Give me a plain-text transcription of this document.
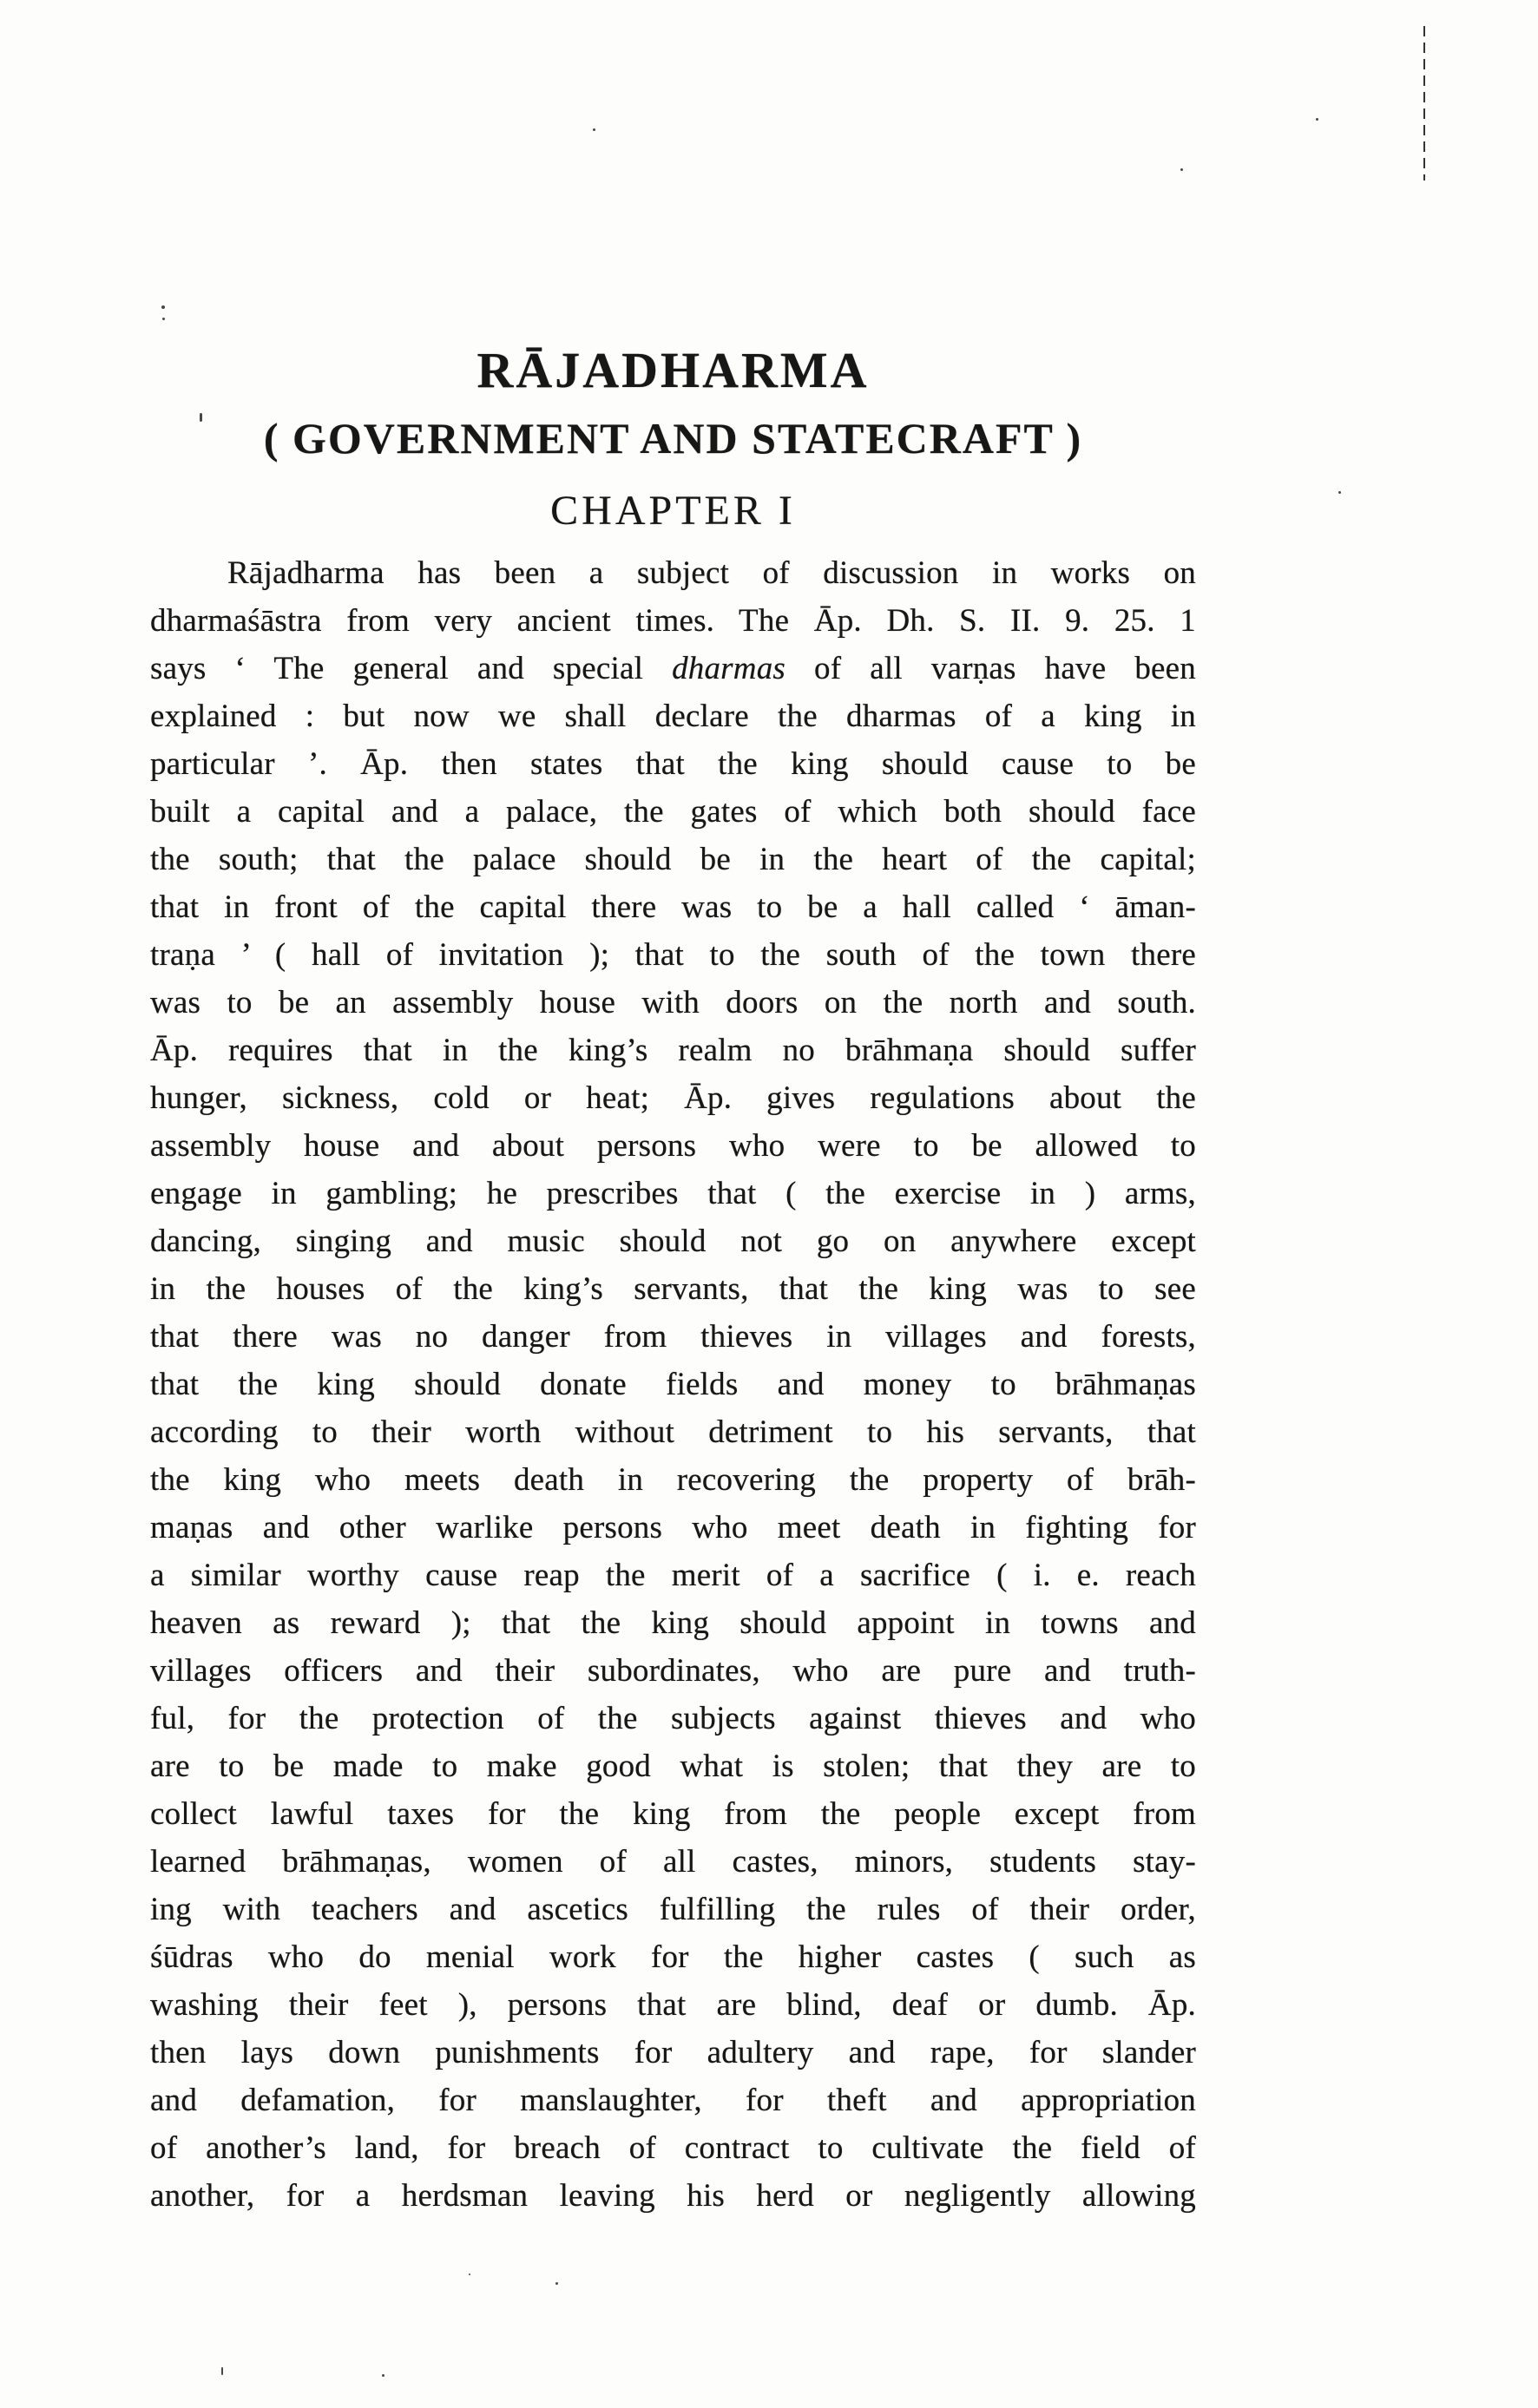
RĀJADHARMA
( GOVERNMENT AND STATECRAFT )
CHAPTER I
Rājadharma has been a subject of discussion in works on
dharmaśāstra from very ancient times. The Āp. Dh. S. II. 9. 25. 1
says ‘ The general and special dharmas of all varṇas have been
explained : but now we shall declare the dharmas of a king in
particular ’. Āp. then states that the king should cause to be
built a capital and a palace, the gates of which both should face
the south; that the palace should be in the heart of the capital;
that in front of the capital there was to be a hall called ‘ āman-
traṇa ’ ( hall of invitation ); that to the south of the town there
was to be an assembly house with doors on the north and south.
Āp. requires that in the king’s realm no brāhmaṇa should suffer
hunger, sickness, cold or heat; Āp. gives regulations about the
assembly house and about persons who were to be allowed to
engage in gambling; he prescribes that ( the exercise in ) arms,
dancing, singing and music should not go on anywhere except
in the houses of the king’s servants, that the king was to see
that there was no danger from thieves in villages and forests,
that the king should donate fields and money to brāhmaṇas
according to their worth without detriment to his servants, that
the king who meets death in recovering the property of brāh-
maṇas and other warlike persons who meet death in fighting for
a similar worthy cause reap the merit of a sacrifice ( i. e. reach
heaven as reward ); that the king should appoint in towns and
villages officers and their subordinates, who are pure and truth-
ful, for the protection of the subjects against thieves and who
are to be made to make good what is stolen; that they are to
collect lawful taxes for the king from the people except from
learned brāhmaṇas, women of all castes, minors, students stay-
ing with teachers and ascetics fulfilling the rules of their order,
śūdras who do menial work for the higher castes ( such as
washing their feet ), persons that are blind, deaf or dumb. Āp.
then lays down punishments for adultery and rape, for slander
and defamation, for manslaughter, for theft and appropriation
of another’s land, for breach of contract to cultivate the field of
another, for a herdsman leaving his herd or negligently allowing
